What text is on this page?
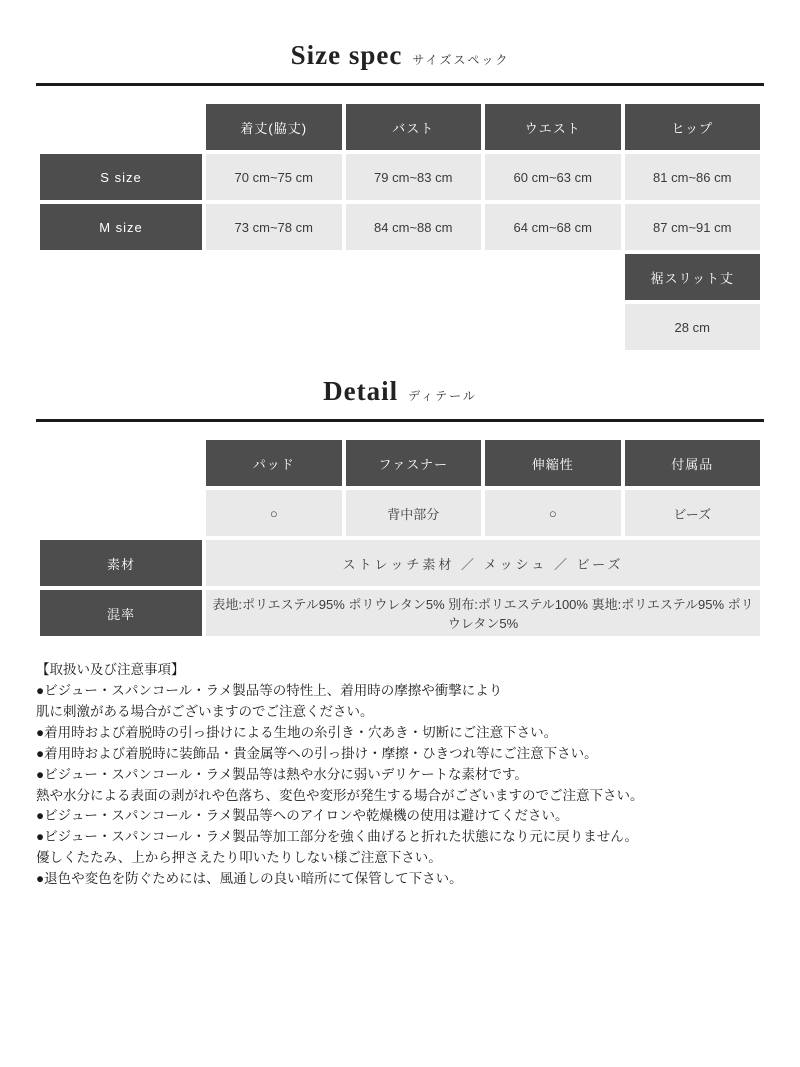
Size spec サイズスペック
	着丈(脇丈)	バスト	ウエスト	ヒップ
S size	70 cm~75 cm	79 cm~83 cm	60 cm~63 cm	81 cm~86 cm
M size	73 cm~78 cm	84 cm~88 cm	64 cm~68 cm	87 cm~91 cm
				裾スリット丈
				28 cm
Detail ディテール
	パッド	ファスナー	伸縮性	付属品
	○	背中部分	○	ビーズ
素材	ストレッチ素材 ／ メッシュ ／ ビーズ			
混率	表地:ポリエステル95% ポリウレタン5% 別布:ポリエステル100% 裏地:ポリエステル95% ポリウレタン5%			
【取扱い及び注意事項】
●ビジュー・スパンコール・ラメ製品等の特性上、着用時の摩擦や衝撃により
肌に刺激がある場合がございますのでご注意ください。
●着用時および着脱時の引っ掛けによる生地の糸引き・穴あき・切断にご注意下さい。
●着用時および着脱時に装飾品・貴金属等への引っ掛け・摩擦・ひきつれ等にご注意下さい。
●ビジュー・スパンコール・ラメ製品等は熱や水分に弱いデリケートな素材です。
熱や水分による表面の剥がれや色落ち、変色や変形が発生する場合がございますのでご注意下さい。
●ビジュー・スパンコール・ラメ製品等へのアイロンや乾燥機の使用は避けてください。
●ビジュー・スパンコール・ラメ製品等加工部分を強く曲げると折れた状態になり元に戻りません。
優しくたたみ、上から押さえたり叩いたりしない様ご注意下さい。
●退色や変色を防ぐためには、風通しの良い暗所にて保管して下さい。
